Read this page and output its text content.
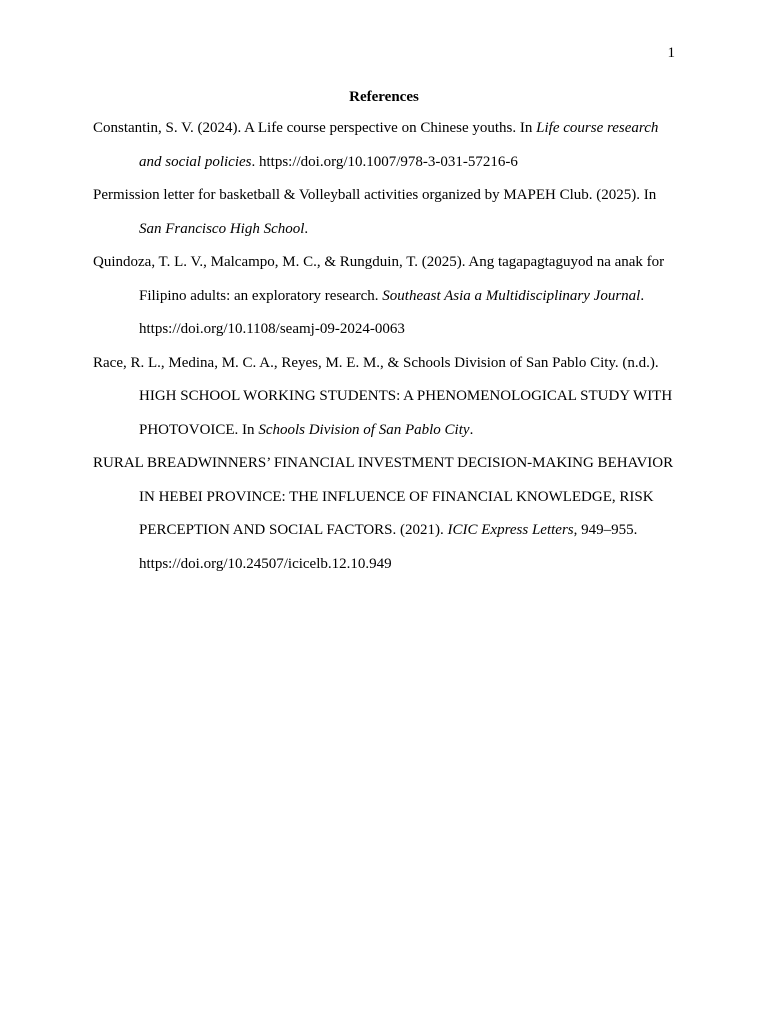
1
References
Constantin, S. V. (2024). A Life course perspective on Chinese youths. In Life course research and social policies. https://doi.org/10.1007/978-3-031-57216-6
Permission letter for basketball & Volleyball activities organized by MAPEH Club. (2025). In San Francisco High School.
Quindoza, T. L. V., Malcampo, M. C., & Rungduin, T. (2025). Ang tagapagtaguyod na anak for Filipino adults: an exploratory research. Southeast Asia a Multidisciplinary Journal. https://doi.org/10.1108/seamj-09-2024-0063
Race, R. L., Medina, M. C. A., Reyes, M. E. M., & Schools Division of San Pablo City. (n.d.). HIGH SCHOOL WORKING STUDENTS: A PHENOMENOLOGICAL STUDY WITH PHOTOVOICE. In Schools Division of San Pablo City.
RURAL BREADWINNERS’ FINANCIAL INVESTMENT DECISION-MAKING BEHAVIOR IN HEBEI PROVINCE: THE INFLUENCE OF FINANCIAL KNOWLEDGE, RISK PERCEPTION AND SOCIAL FACTORS. (2021). ICIC Express Letters, 949–955. https://doi.org/10.24507/icicelb.12.10.949
